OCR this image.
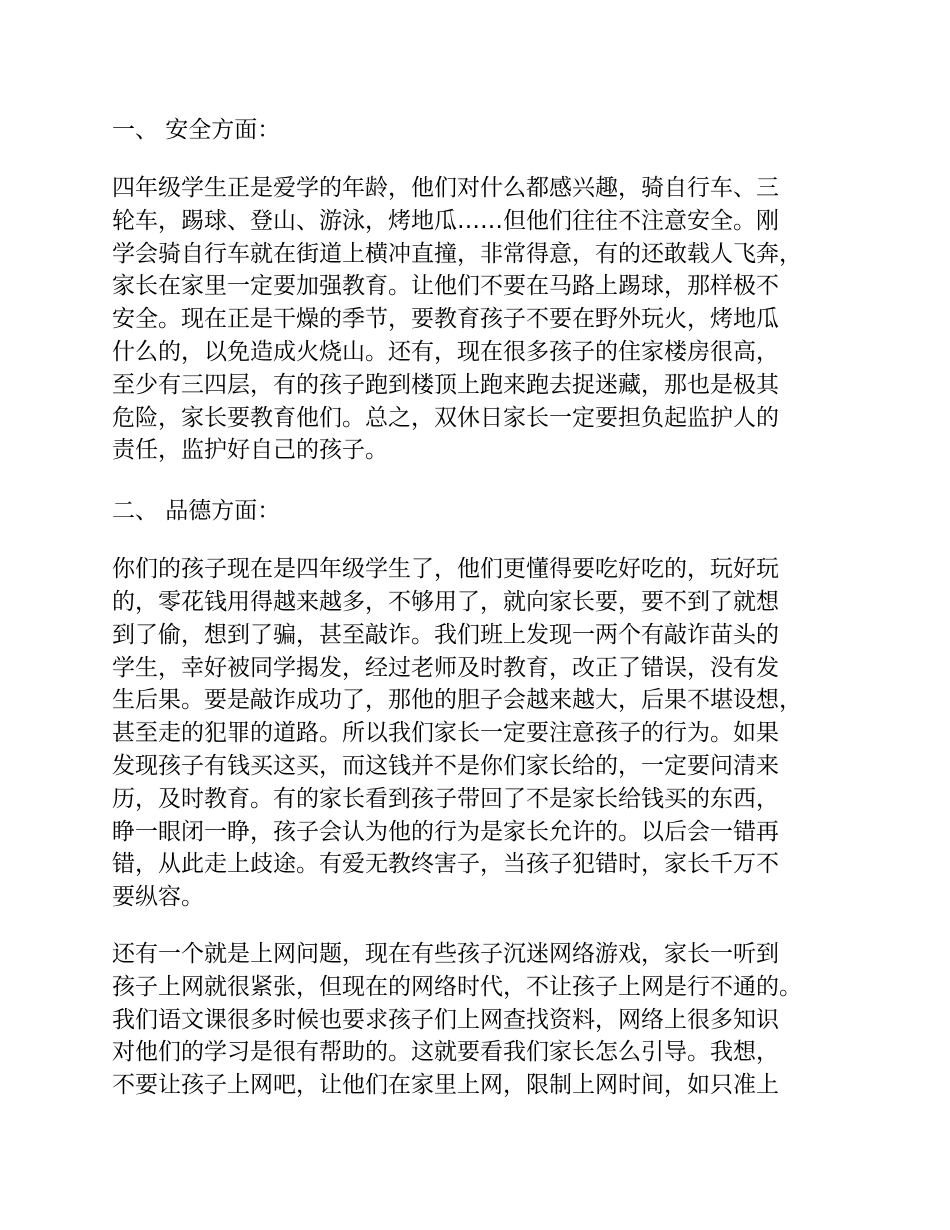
一、 安全方面：
四年级学生正是爱学的年龄，他们对什么都感兴趣，骑自行车、三
轮车，踢球、登山、游泳，烤地瓜……但他们往往不注意安全。刚
学会骑自行车就在街道上横冲直撞，非常得意，有的还敢载人飞奔，
家长在家里一定要加强教育。让他们不要在马路上踢球，那样极不
安全。现在正是干燥的季节，要教育孩子不要在野外玩火，烤地瓜
什么的，以免造成火烧山。还有，现在很多孩子的住家楼房很高，
至少有三四层，有的孩子跑到楼顶上跑来跑去捉迷藏，那也是极其
危险，家长要教育他们。总之，双休日家长一定要担负起监护人的
责任，监护好自己的孩子。
二、 品德方面：
你们的孩子现在是四年级学生了，他们更懂得要吃好吃的，玩好玩
的，零花钱用得越来越多，不够用了，就向家长要，要不到了就想
到了偷，想到了骗，甚至敲诈。我们班上发现一两个有敲诈苗头的
学生，幸好被同学揭发，经过老师及时教育，改正了错误，没有发
生后果。要是敲诈成功了，那他的胆子会越来越大，后果不堪设想，
甚至走的犯罪的道路。所以我们家长一定要注意孩子的行为。如果
发现孩子有钱买这买，而这钱并不是你们家长给的，一定要问清来
历，及时教育。有的家长看到孩子带回了不是家长给钱买的东西，
睁一眼闭一睁，孩子会认为他的行为是家长允许的。以后会一错再
错，从此走上歧途。有爱无教终害子，当孩子犯错时，家长千万不
要纵容。
还有一个就是上网问题，现在有些孩子沉迷网络游戏，家长一听到
孩子上网就很紧张，但现在的网络时代，不让孩子上网是行不通的。
我们语文课很多时候也要求孩子们上网查找资料，网络上很多知识
对他们的学习是很有帮助的。这就要看我们家长怎么引导。我想，
不要让孩子上网吧，让他们在家里上网，限制上网时间，如只准上
